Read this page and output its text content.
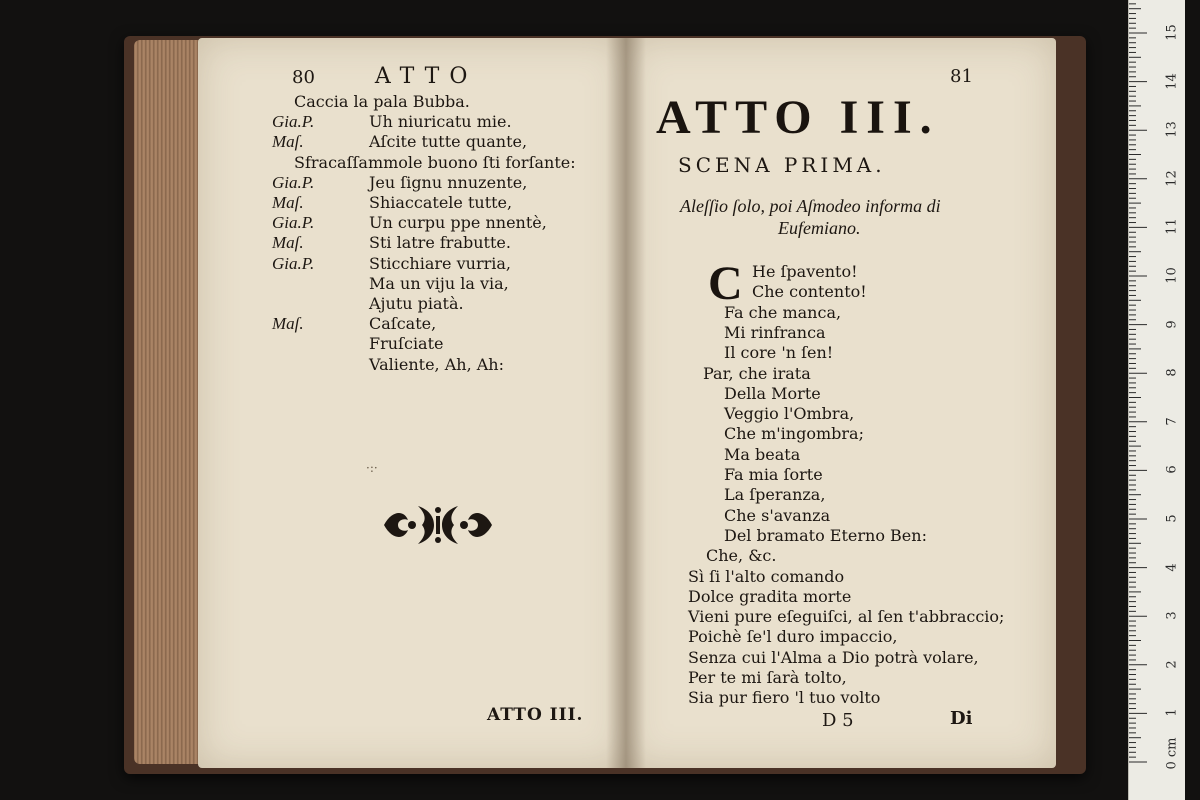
80	ATTO
Caccia la pala Bubba.
Gia.P.	Uh niuricatu mie.
Maſ.	Aſcite tutte quante,
Sfracaſſammole buono ſti forſante:
Gia.P.	Jeu ſignu nnuzente,
Maſ.	Shiaccatele tutte,
Gia.P.	Un curpu ppe nnentè,
Maſ.	Sti latre frabutte.
Gia.P.	Sticchiare vurria,
Ma un viju la via,
Ajutu piatà.
Maſ.	Caſcate,
Fruſciate
Valiente, Ah, Ah:
·:·
ATTO III.
81
ATTO III.
SCENA PRIMA.
Aleſſio ſolo, poi Aſmodeo informa di
Eufemiano.
C He ſpavento!
Che contento!
Fa che manca,
Mi rinfranca
Il core 'n ſen!
Par, che irata
Della Morte
Veggio l'Ombra,
Che m'ingombra;
Ma beata
Fa mia ſorte
La ſperanza,
Che s'avanza
Del bramato Eterno Ben:
Che, &c.
Sì ſi l'alto comando
Dolce gradita morte
Vieni pure eſeguiſci, al ſen t'abbraccio;
Poichè ſe'l duro impaccio,
Senza cui l'Alma a Dio potrà volare,
Per te mi ſarà tolto,
Sia pur fiero 'l tuo volto
D 5	Di
15
14
13
12
11
10
9
8
7
6
5
4
3
2
1
0 cm
